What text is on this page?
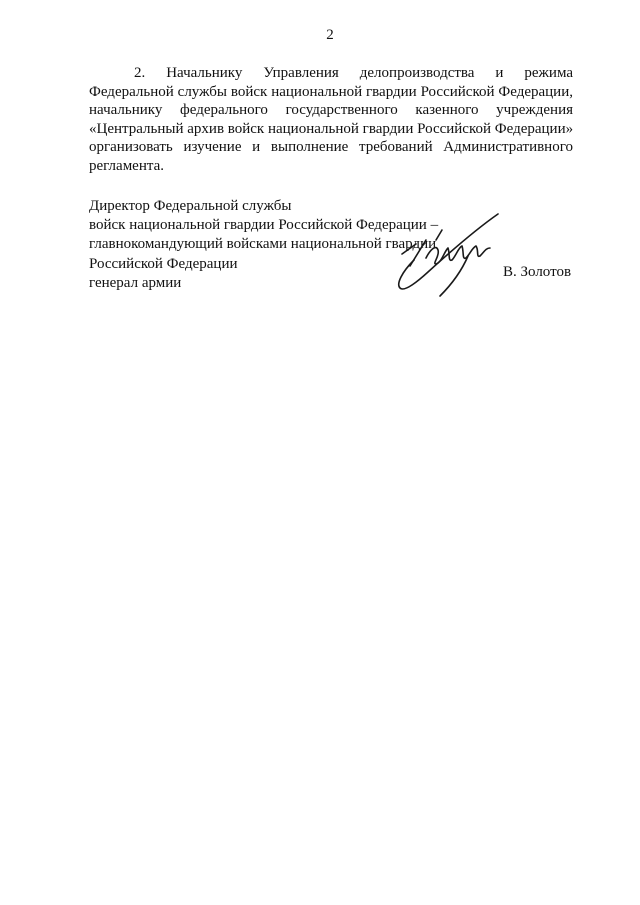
2
2. Начальнику Управления делопроизводства и режима
Федеральной службы войск национальной гвардии Российской Федерации,
начальнику федерального государственного казенного учреждения
«Центральный архив войск национальной гвардии Российской Федерации»
организовать изучение и выполнение требований Административного
регламента.
Директор Федеральной службы
войск национальной гвардии Российской Федерации –
главнокомандующий войсками национальной гвардии
Российской Федерации
генерал армии
В. Золотов
